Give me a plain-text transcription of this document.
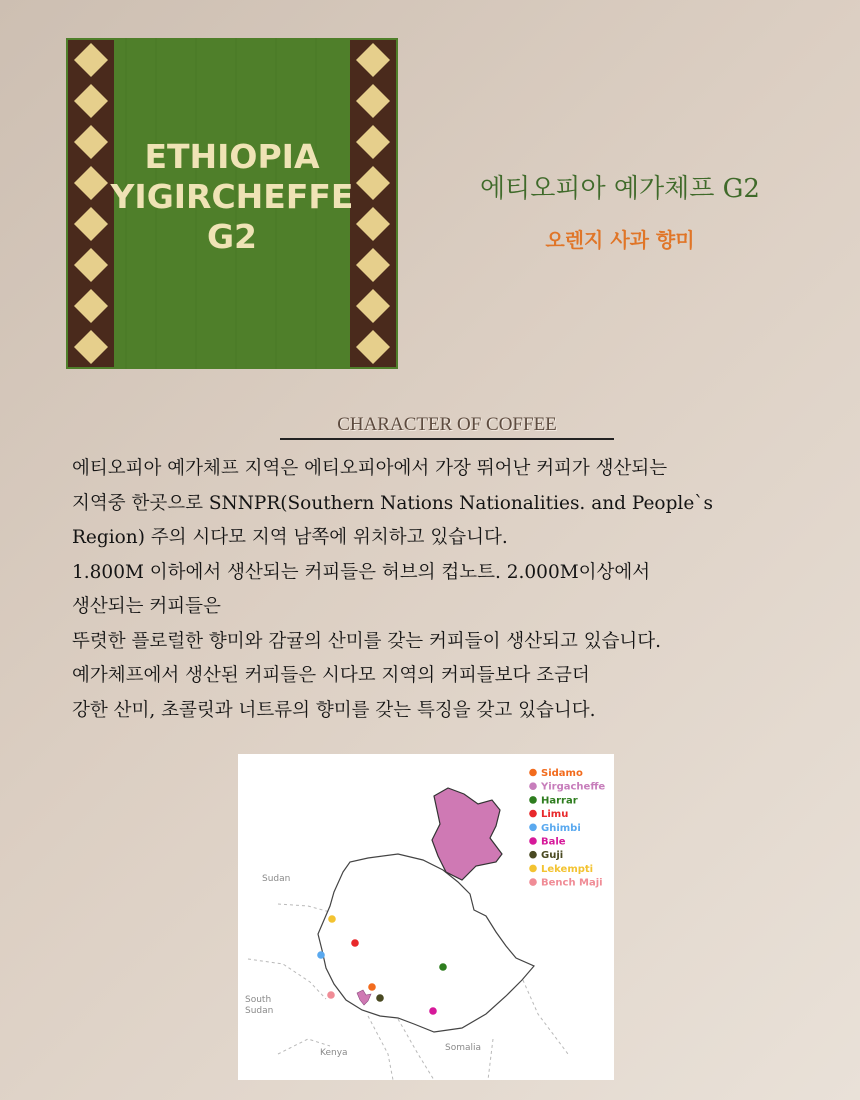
ETHIOPIA
YIGIRCHEFFE
G2
에티오피아 예가체프 G2
오렌지 사과 향미
CHARACTER OF COFFEE

에티오피아 예가체프 지역은 에티오피아에서 가장 뛰어난 커피가 생산되는

지역중 한곳으로 SNNPR(Southern Nations Nationalities. and People`s

Region) 주의 시다모 지역 남쪽에 위치하고 있습니다.

1.800M 이하에서 생산되는 커피들은 허브의 컵노트. 2.000M이상에서

생산되는 커피들은

뚜렷한 플로럴한 향미와 감귤의 산미를 갖는 커피들이 생산되고 있습니다.

예가체프에서 생산된 커피들은 시다모 지역의 커피들보다 조금더

강한 산미, 초콜릿과 너트류의 향미를 갖는 특징을 갖고 있습니다.

Sudan
South
Sudan
Kenya	Somalia
Sidamo
Yirgacheffe
Harrar
Limu
Ghimbi
Bale
Guji
Lekempti
Bench Maji
